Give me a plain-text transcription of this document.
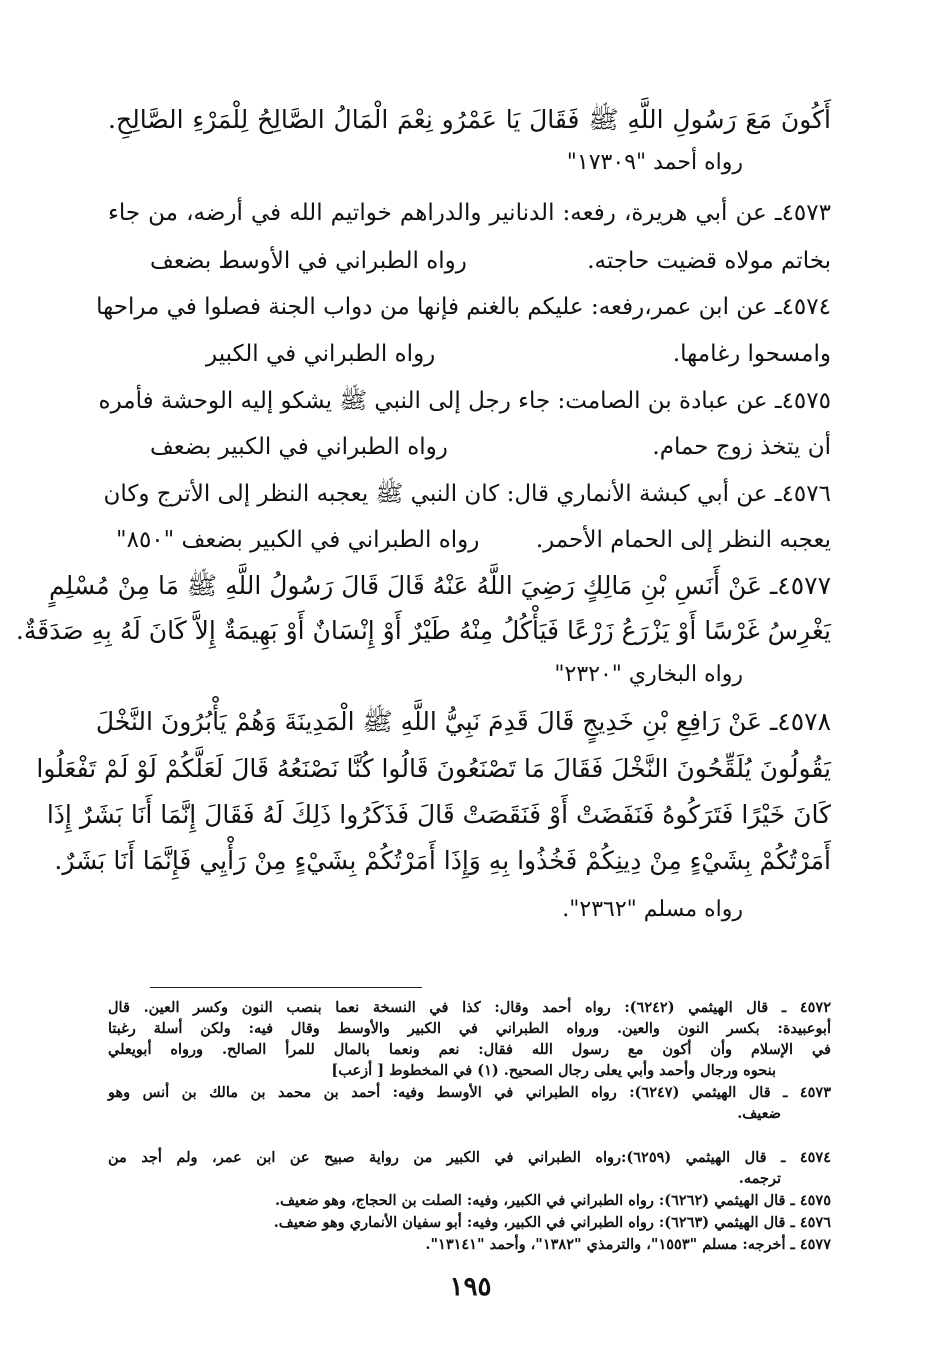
أَكُونَ مَعَ رَسُولِ اللَّهِ ﷺ فَقَالَ يَا عَمْرُو نِعْمَ الْمَالُ الصَّالِحُ لِلْمَرْءِ الصَّالِحِ.
رواه أحمد "١٧٣٠٩"
٤٥٧٣ـ عن أبي هريرة، رفعه: الدنانير والدراهم خواتيم الله في أرضه، من جاء
بخاتم مولاه قضيت حاجته.
رواه الطبراني في الأوسط بضعف
٤٥٧٤ـ عن ابن عمر،رفعه: عليكم بالغنم فإنها من دواب الجنة فصلوا في مراحها
وامسحوا رغامها.
رواه الطبراني في الكبير
٤٥٧٥ـ عن عبادة بن الصامت: جاء رجل إلى النبي ﷺ يشكو إليه الوحشة فأمره
أن يتخذ زوج حمام.
رواه الطبراني في الكبير بضعف
٤٥٧٦ـ عن أبي كبشة الأنماري قال: كان النبي ﷺ يعجبه النظر إلى الأترج وكان
يعجبه النظر إلى الحمام الأحمر.
رواه الطبراني في الكبير بضعف "٨٥٠"
٤٥٧٧ـ عَنْ أَنَسِ بْنِ مَالِكٍ رَضِيَ اللَّهُ عَنْهُ قَالَ قَالَ رَسُولُ اللَّهِ ﷺ مَا مِنْ مُسْلِمٍ
يَغْرِسُ غَرْسًا أَوْ يَزْرَعُ زَرْعًا فَيَأْكُلُ مِنْهُ طَيْرٌ أَوْ إِنْسَانٌ أَوْ بَهِيمَةٌ إِلاَّ كَانَ لَهُ بِهِ صَدَقَةٌ.
رواه البخاري "٢٣٢٠"
٤٥٧٨ـ عَنْ رَافِعِ بْنِ خَدِيجٍ قَالَ قَدِمَ نَبِيُّ اللَّهِ ﷺ الْمَدِينَةَ وَهُمْ يَأْبُرُونَ النَّخْلَ
يَقُولُونَ يُلَقِّحُونَ النَّخْلَ فَقَالَ مَا تَصْنَعُونَ قَالُوا كُنَّا نَصْنَعُهُ قَالَ لَعَلَّكُمْ لَوْ لَمْ تَفْعَلُوا
كَانَ خَيْرًا فَتَرَكُوهُ فَنَفَضَتْ أَوْ فَنَقَصَتْ قَالَ فَذَكَرُوا ذَلِكَ لَهُ فَقَالَ إِنَّمَا أَنَا بَشَرٌ إِذَا
أَمَرْتُكُمْ بِشَيْءٍ مِنْ دِينِكُمْ فَخُذُوا بِهِ وَإِذَا أَمَرْتُكُمْ بِشَيْءٍ مِنْ رَأْيِي فَإِنَّمَا أَنَا بَشَرٌ.
رواه مسلم "٢٣٦٢".
٤٥٧٢ ـ قال الهيثمي (٦٢٤٢): رواه أحمد وقال: كذا في النسخة نعما بنصب النون وكسر العين. قال
أبوعبيدة: بكسر النون والعين. ورواه الطبراني في الكبير والأوسط وقال فيه: ولكن أسلة رغبتا
في الإسلام وأن أكون مع رسول الله فقال: نعم ونعما بالمال للمرأ الصالح. ورواه أبويعلي
بنحوه ورجال وأحمد وأبي يعلى رجال الصحيح. (١) في المخطوط [ أزعب]
٤٥٧٣ ـ قال الهيثمي (٦٢٤٧): رواه الطبراني في الأوسط وفيه: أحمد بن محمد بن مالك بن أنس وهو
ضعيف.
٤٥٧٤ ـ قال الهيثمي (٦٢٥٩):رواه الطبراني في الكبير من رواية صبيح عن ابن عمر، ولم أجد من
ترجمه.
٤٥٧٥ ـ قال الهيثمي (٦٢٦٢): رواه الطبراني في الكبير، وفيه: الصلت بن الحجاج، وهو ضعيف.
٤٥٧٦ ـ قال الهيثمي (٦٢٦٣): رواه الطبراني في الكبير، وفيه: أبو سفيان الأنماري وهو ضعيف.
٤٥٧٧ ـ أخرجه: مسلم "١٥٥٣"، والترمذي "١٣٨٢"، وأحمد "١٣١٤١".
١٩٥
